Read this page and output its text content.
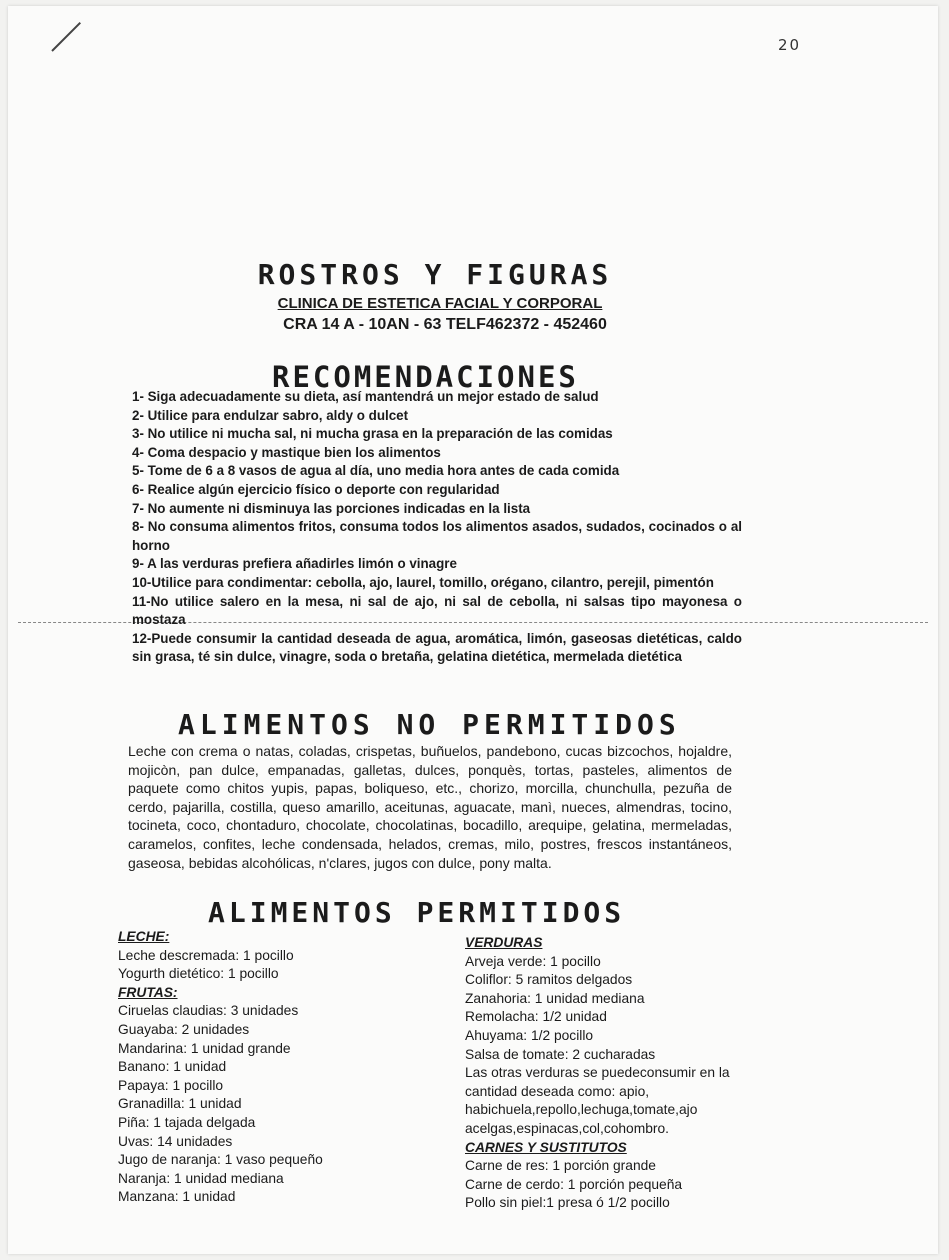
20
ROSTROS Y FIGURAS
CLINICA DE ESTETICA FACIAL Y CORPORAL
CRA 14 A - 10AN - 63 TELF462372 - 452460
RECOMENDACIONES
1- Siga adecuadamente su dieta, así mantendrá un mejor estado de salud
2- Utilice para endulzar sabro, aldy o dulcet
3- No utilice ni mucha sal, ni mucha grasa en la preparación de las comidas
4- Coma despacio y mastique bien los alimentos
5- Tome de 6 a 8 vasos de agua al día, uno media hora antes de cada comida
6- Realice algún ejercicio físico o deporte con regularidad
7- No aumente ni disminuya las porciones indicadas en la lista
8- No consuma alimentos fritos, consuma todos los alimentos asados, sudados, cocinados o al horno
9- A las verduras prefiera añadirles limón o vinagre
10-Utilice para condimentar: cebolla, ajo, laurel, tomillo, orégano, cilantro, perejil, pimentón
11-No utilice salero en la mesa, ni sal de ajo, ni sal de cebolla, ni salsas tipo mayonesa o mostaza
12-Puede consumir la cantidad deseada de agua, aromática, limón, gaseosas dietéticas, caldo sin grasa, té sin dulce, vinagre, soda o bretaña, gelatina dietética, mermelada dietética
ALIMENTOS NO PERMITIDOS
Leche con crema o natas, coladas, crispetas, buñuelos, pandebono, cucas bizcochos, hojaldre, mojicòn, pan dulce, empanadas, galletas, dulces, ponquès, tortas, pasteles, alimentos de paquete como chitos yupis, papas, boliqueso, etc., chorizo, morcilla, chunchulla, pezuña de cerdo, pajarilla, costilla, queso amarillo, aceitunas, aguacate, manì, nueces, almendras, tocino, tocineta, coco, chontaduro, chocolate, chocolatinas, bocadillo, arequipe, gelatina, mermeladas, caramelos, confites, leche condensada, helados, cremas, milo, postres, frescos instantáneos, gaseosa, bebidas alcohólicas, n'clares, jugos con dulce, pony malta.
ALIMENTOS PERMITIDOS
LECHE:
Leche descremada: 1 pocillo
Yogurth dietético: 1 pocillo
FRUTAS:
Ciruelas claudias: 3 unidades
Guayaba: 2 unidades
Mandarina: 1 unidad grande
Banano: 1 unidad
Papaya: 1 pocillo
Granadilla: 1 unidad
Piña: 1 tajada delgada
Uvas: 14 unidades
Jugo de naranja: 1 vaso pequeño
Naranja: 1 unidad mediana
Manzana: 1 unidad
VERDURAS
Arveja verde: 1 pocillo
Coliflor: 5 ramitos delgados
Zanahoria: 1 unidad mediana
Remolacha: 1/2 unidad
Ahuyama: 1/2 pocillo
Salsa de tomate: 2 cucharadas
Las otras verduras se puedeconsumir en la cantidad deseada como: apio, habichuela,repollo,lechuga,tomate,ajo acelgas,espinacas,col,cohombro.
CARNES Y SUSTITUTOS
Carne de res: 1 porción grande
Carne de cerdo: 1 porción pequeña
Pollo sin piel:1 presa ó 1/2 pocillo
